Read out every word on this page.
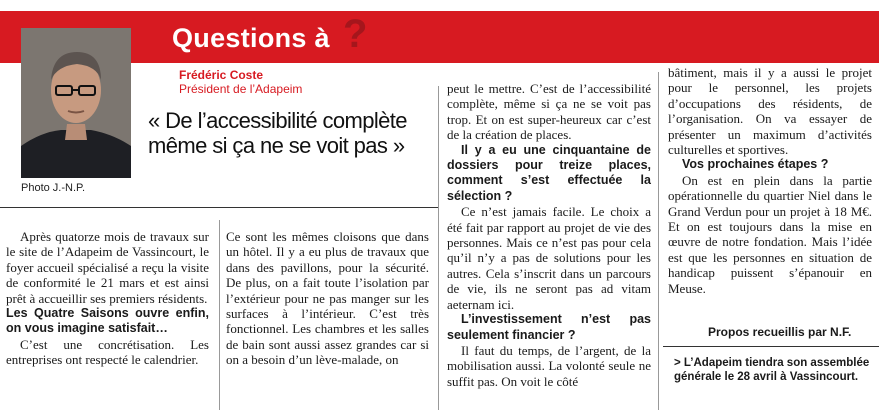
Questions à ?
Photo J.-N.P.
Frédéric Coste
Président de l’Adapeim
« De l’accessibilité complète même si ça ne se voit pas »

Après quatorze mois de travaux sur le site de l’Adapeim de Vassincourt, le foyer accueil spécialisé a reçu la visite de conformité le 21 mars et est ainsi prêt à accueillir ses premiers résidents.

Les Quatre Saisons ouvre enfin, on vous imagine satisfait…

C’est une concrétisation. Les entreprises ont respecté le calendrier.

Ce sont les mêmes cloisons que dans un hôtel. Il y a eu plus de travaux que dans des pavillons, pour la sécurité. De plus, on a fait toute l’isolation par l’extérieur pour ne pas manger sur les surfaces à l’intérieur. C’est très fonctionnel. Les chambres et les salles de bain sont aussi assez grandes car si on a besoin d’un lève-malade, on

peut le mettre. C’est de l’accessibilité complète, même si ça ne se voit pas trop. Et on est super-heureux car c’est de la création de places.

Il y a eu une cinquantaine de dossiers pour treize places, comment s’est effectuée la sélection ?

Ce n’est jamais facile. Le choix a été fait par rapport au projet de vie des personnes. Mais ce n’est pas pour cela qu’il n’y a pas de solutions pour les autres. Cela s’inscrit dans un parcours de vie, ils ne seront pas ad vitam aeternam ici.

L’investissement n’est pas seulement financier ?

Il faut du temps, de l’argent, de la mobilisation aussi. La volonté seule ne suffit pas. On voit le côté

bâtiment, mais il y a aussi le projet pour le personnel, les projets d’occupations des résidents, de l’organisation. On va essayer de présenter un maximum d’activités culturelles et sportives.

Vos prochaines étapes ?

On est en plein dans la partie opérationnelle du quartier Niel dans le Grand Verdun pour un projet à 18 M€. Et on est toujours dans la mise en œuvre de notre fondation. Mais l’idée est que les personnes en situation de handicap puissent s’épanouir en Meuse.

Propos recueillis par N.F.
> L’Adapeim tiendra son assemblée générale le 28 avril à Vassincourt.
